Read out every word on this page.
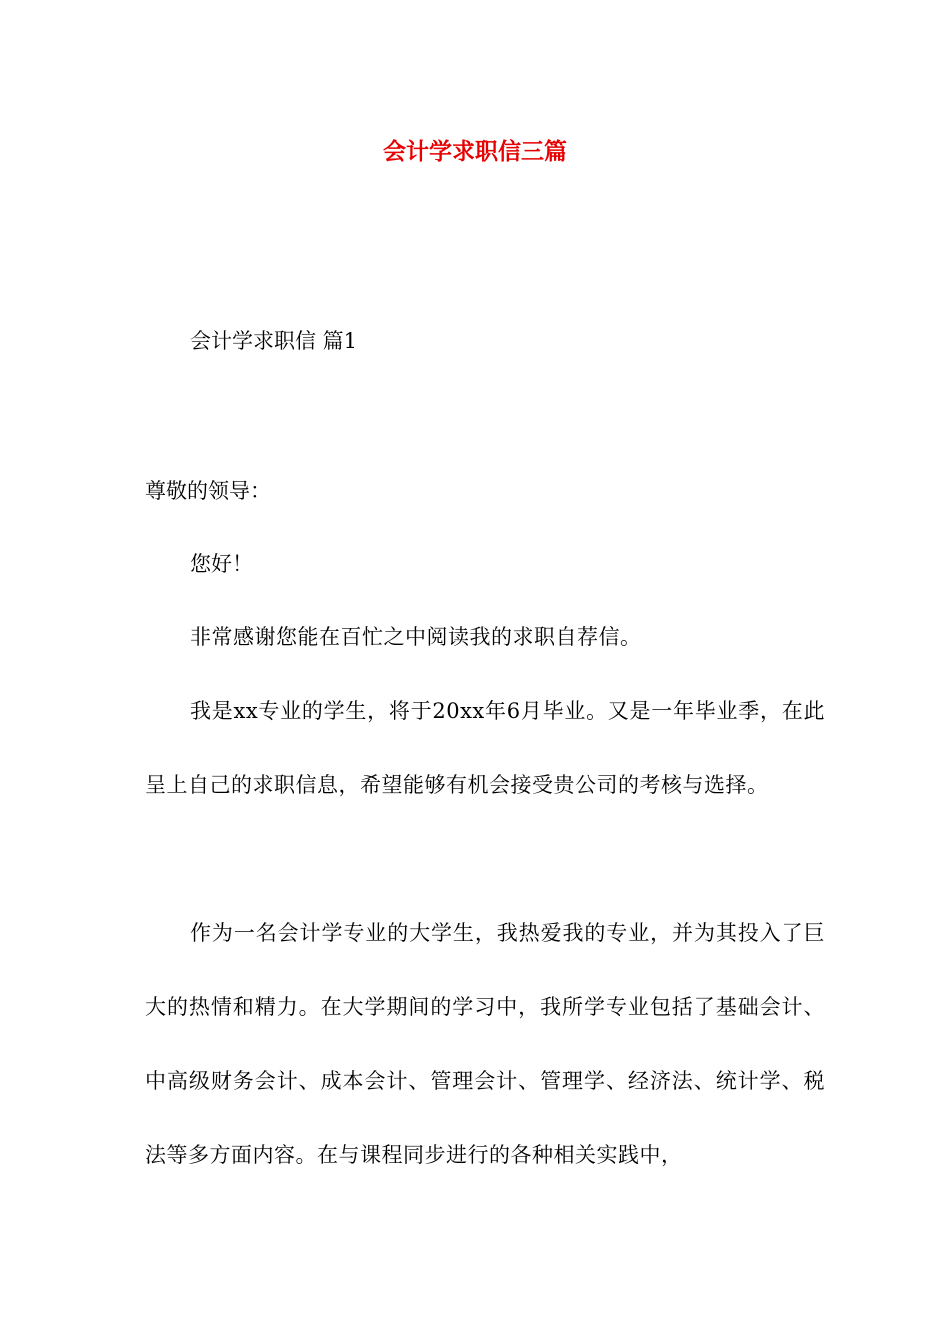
会计学求职信三篇

会计学求职信 篇1

尊敬的领导：

您好！

非常感谢您能在百忙之中阅读我的求职自荐信。

我是xx专业的学生，将于20xx年6月毕业。又是一年毕业季，在此呈上自己的求职信息，希望能够有机会接受贵公司的考核与选择。

作为一名会计学专业的大学生，我热爱我的专业，并为其投入了巨大的热情和精力。在大学期间的学习中，我所学专业包括了基础会计、中高级财务会计、成本会计、管理会计、管理学、经济法、统计学、税法等多方面内容。在与课程同步进行的各种相关实践中，
